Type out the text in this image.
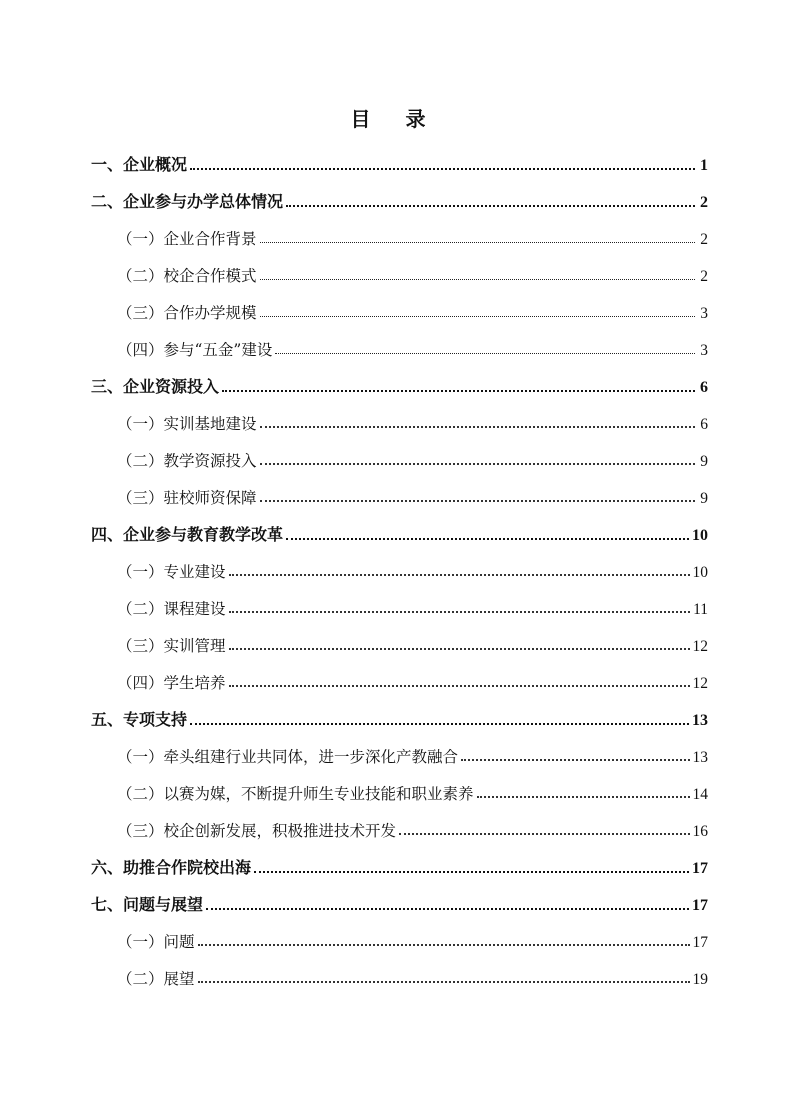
目 录
一、企业概况	1
二、企业参与办学总体情况	2
（一）企业合作背景	2
（二）校企合作模式	2
（三）合作办学规模	3
（四）参与“五金”建设	3
三、企业资源投入	6
（一）实训基地建设	6
（二）教学资源投入	9
（三）驻校师资保障	9
四、企业参与教育教学改革	10
（一）专业建设	10
（二）课程建设	11
（三）实训管理	12
（四）学生培养	12
五、专项支持	13
（一）牵头组建行业共同体，进一步深化产教融合	13
（二）以赛为媒，不断提升师生专业技能和职业素养	14
（三）校企创新发展，积极推进技术开发	16
六、助推合作院校出海	17
七、问题与展望	17
（一）问题	17
（二）展望	19
